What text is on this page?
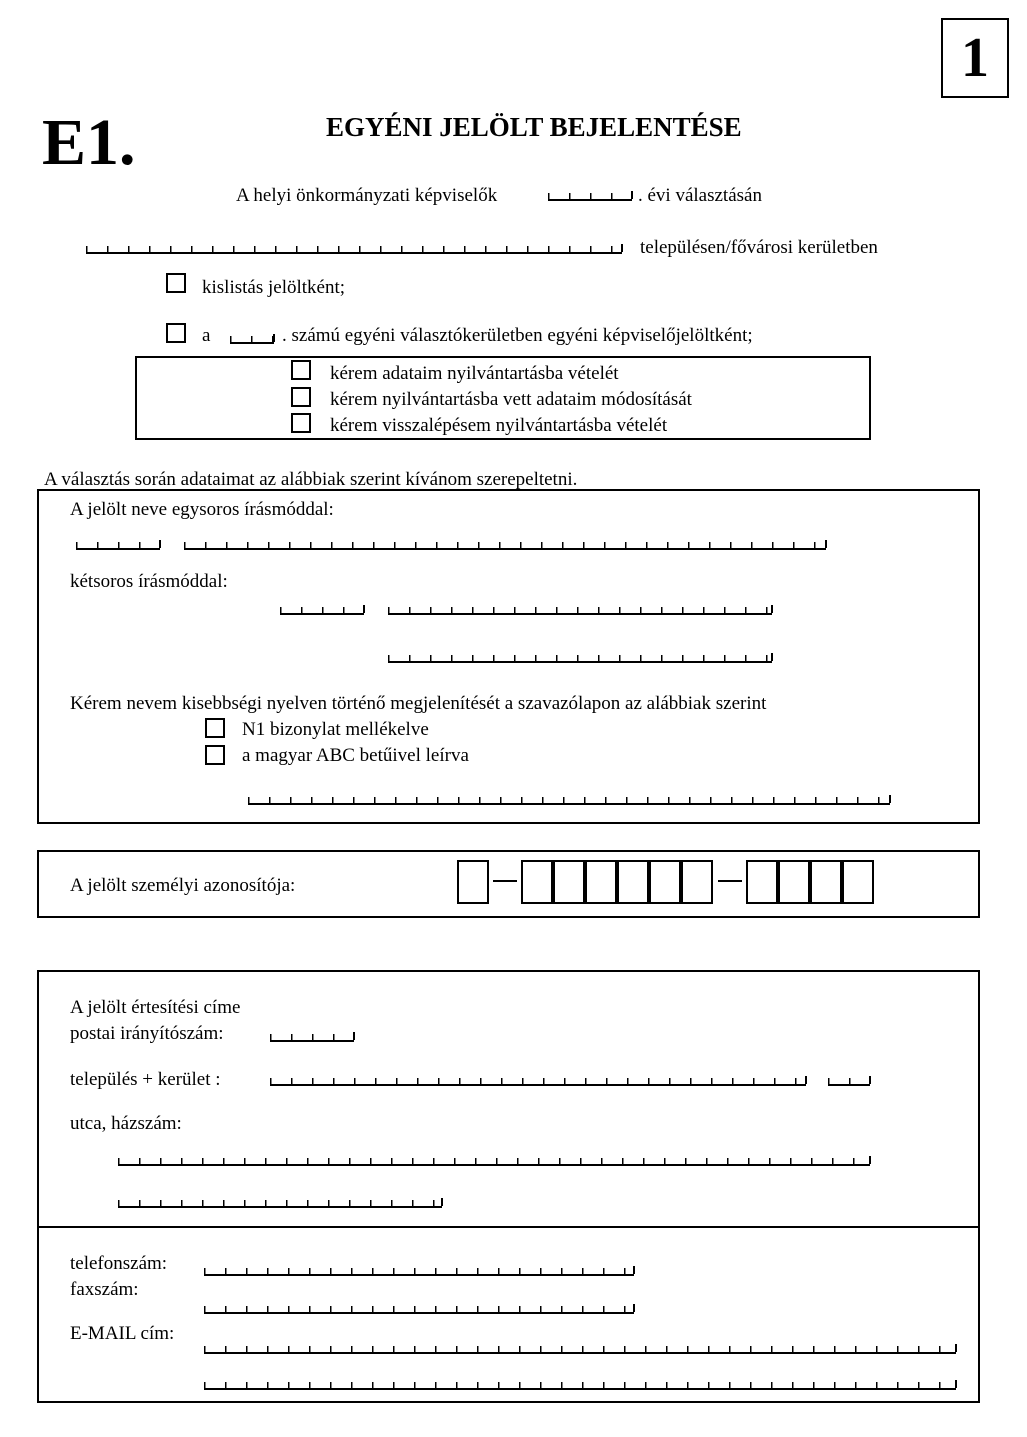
1
E1.	EGYÉNI JELÖLT BEJELENTÉSE
A helyi önkormányzati képviselők	. évi választásán
településen/fővárosi kerületben
kislistás jelöltként;
a	. számú egyéni választókerületben egyéni képviselőjelöltként;
kérem adataim nyilvántartásba vételét
kérem nyilvántartásba vett adataim módosítását
kérem visszalépésem nyilvántartásba vételét
A választás során adataimat az alábbiak szerint kívánom szerepeltetni.
A jelölt neve egysoros írásmóddal:
kétsoros írásmóddal:
Kérem nevem kisebbségi nyelven történő megjelenítését a szavazólapon az alábbiak szerint
N1 bizonylat mellékelve
a magyar ABC betűivel leírva
A jelölt személyi azonosítója:
A jelölt értesítési címe
postai irányítószám:
település + kerület :
utca, házszám:
telefonszám:
faxszám:
E-MAIL cím:
